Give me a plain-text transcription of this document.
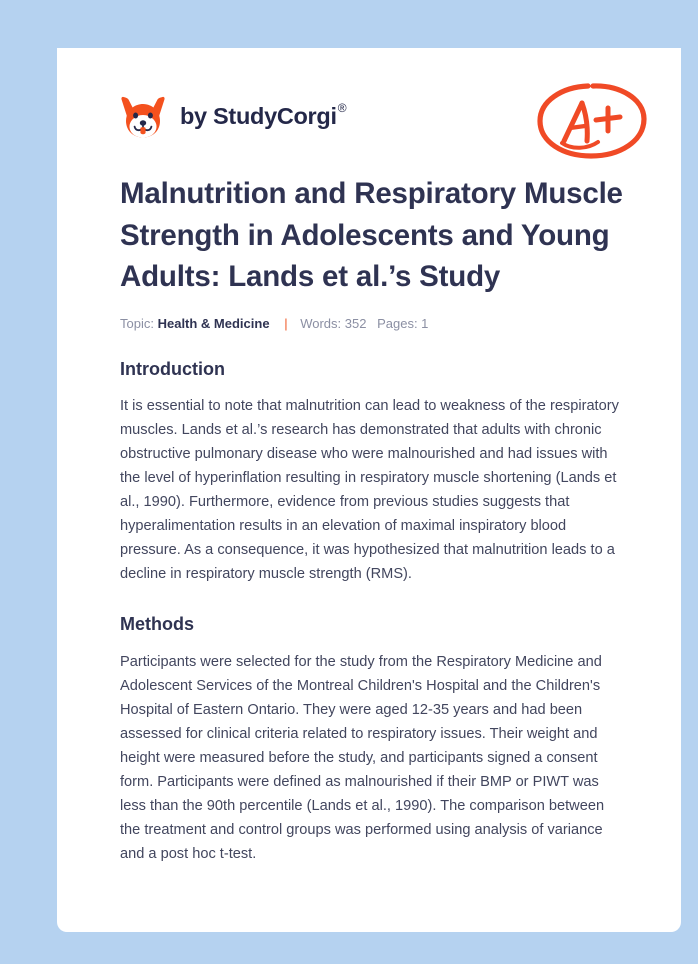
by StudyCorgi®
Malnutrition and Respiratory Muscle Strength in Adolescents and Young Adults: Lands et al.’s Study
Topic: Health & Medicine | Words: 352 Pages: 1
Introduction

It is essential to note that malnutrition can lead to weakness of the respiratory muscles. Lands et al.’s research has demonstrated that adults with chronic obstructive pulmonary disease who were malnourished and had issues with the level of hyperinflation resulting in respiratory muscle shortening (Lands et al., 1990). Furthermore, evidence from previous studies suggests that hyperalimentation results in an elevation of maximal inspiratory blood pressure. As a consequence, it was hypothesized that malnutrition leads to a decline in respiratory muscle strength (RMS).

Methods

Participants were selected for the study from the Respiratory Medicine and Adolescent Services of the Montreal Children's Hospital and the Children's Hospital of Eastern Ontario. They were aged 12-35 years and had been assessed for clinical criteria related to respiratory issues. Their weight and height were measured before the study, and participants signed a consent form. Participants were defined as malnourished if their BMP or PIWT was less than the 90th percentile (Lands et al., 1990). The comparison between the treatment and control groups was performed using analysis of variance and a post hoc t-test.
